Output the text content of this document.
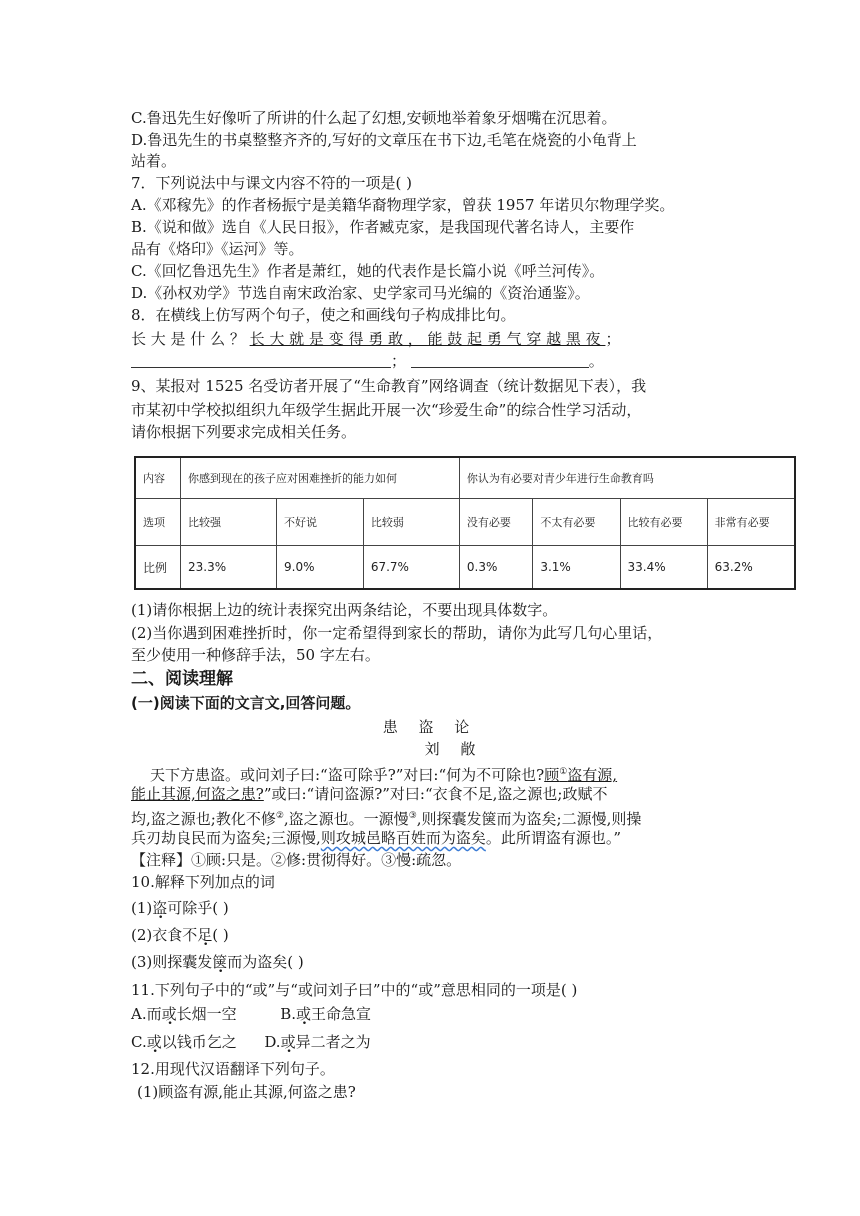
C.鲁迅先生好像听了所讲的什么起了幻想,安顿地举着象牙烟嘴在沉思着。
D.鲁迅先生的书桌整整齐齐的,写好的文章压在书下边,毛笔在烧瓷的小龟背上
站着。
7．下列说法中与课文内容不符的一项是( )
A.《邓稼先》的作者杨振宁是美籍华裔物理学家，曾获 1957 年诺贝尔物理学奖。
B.《说和做》选自《人民日报》，作者臧克家，是我国现代著名诗人，主要作
品有《烙印》《运河》等。
C.《回忆鲁迅先生》作者是萧红，她的代表作是长篇小说《呼兰河传》。
D.《孙权劝学》节选自南宋政治家、史学家司马光编的《资治通鉴》。
8．在横线上仿写两个句子，使之和画线句子构成排比句。
长 大 是 什 么 ？ 长 大 就 是 变 得 勇 敢 ， 能 鼓 起 勇 气 穿 越 黑 夜 ；
；	。
9、某报对 1525 名受访者开展了“生命教育”网络调查（统计数据见下表），我
市某初中学校拟组织九年级学生据此开展一次“珍爱生命”的综合性学习活动，
请你根据下列要求完成相关任务。
内容	你感到现在的孩子应对困难挫折的能力如何			你认为有必要对青少年进行生命教育吗			
选项	比较强	不好说	比较弱	没有必要	不太有必要	比较有必要	非常有必要
比例	23.3%	9.0%	67.7%	0.3%	3.1%	33.4%	63.2%
(1)请你根据上边的统计表探究出两条结论，不要出现具体数字。
(2)当你遇到困难挫折时，你一定希望得到家长的帮助，请你为此写几句心里话，
至少使用一种修辞手法，50 字左右。
二、阅读理解
(一)阅读下面的文言文,回答问题。
患 盗 论
刘 敞
天下方患盗。或问刘子曰:“盗可除乎?”对曰:“何为不可除也?顾①盗有源,
能止其源,何盗之患?”或曰:“请问盗源?”对曰:“衣食不足,盗之源也;政赋不
均,盗之源也;教化不修②,盗之源也。一源慢③,则探囊发箧而为盗矣;二源慢,则操
兵刃劫良民而为盗矣;三源慢,则攻城邑略百姓而为盗矣。此所谓盗有源也。”
【注释】①顾:只是。②修:贯彻得好。③慢:疏忽。
10.解释下列加点的词
(1)盗可除乎( )
(2)衣食不足( )
(3)则探囊发箧而为盗矣( )
11.下列句子中的“或”与“或问刘子曰”中的“或”意思相同的一项是( )
A.而或长烟一空	B.或王命急宣
C.或以钱币乞之 D.或异二者之为
12.用现代汉语翻译下列句子。
(1)顾盗有源,能止其源,何盗之患?
